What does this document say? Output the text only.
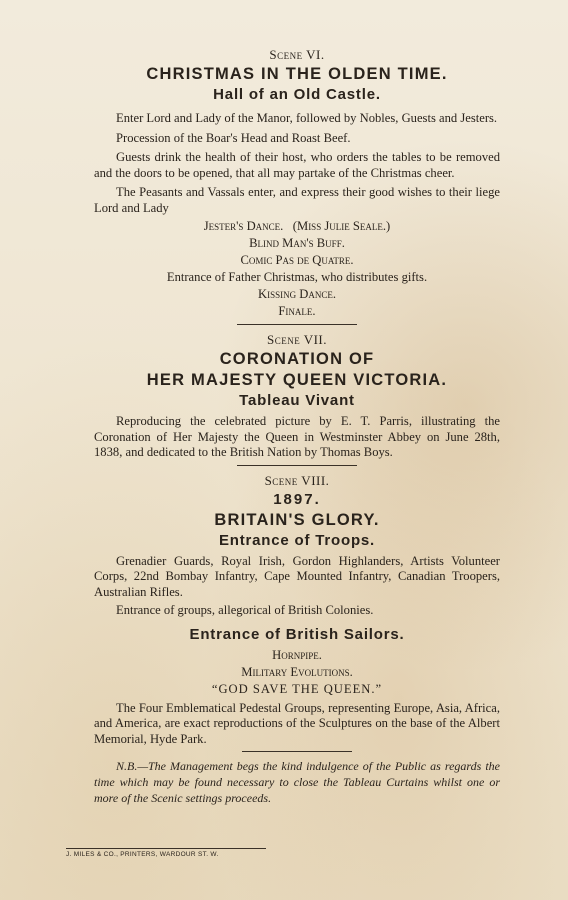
Scene VI.
CHRISTMAS IN THE OLDEN TIME.
Hall of an Old Castle.

Enter Lord and Lady of the Manor, followed by Nobles, Guests and Jesters.

Procession of the Boar's Head and Roast Beef.

Guests drink the health of their host, who orders the tables to be removed and the doors to be opened, that all may partake of the Christmas cheer.

The Peasants and Vassals enter, and express their good wishes to their liege Lord and Lady

Jester's Dance. (Miss Julie Seale.)

Blind Man's Buff.

Comic Pas de Quatre.

Entrance of Father Christmas, who distributes gifts.

Kissing Dance.

Finale.

Scene VII.
CORONATION OF
HER MAJESTY QUEEN VICTORIA.
Tableau Vivant

Reproducing the celebrated picture by E. T. Parris, illustrating the Coronation of Her Majesty the Queen in Westminster Abbey on June 28th, 1838, and dedicated to the British Nation by Thomas Boys.

Scene VIII.
1897.
BRITAIN'S GLORY.
Entrance of Troops.

Grenadier Guards, Royal Irish, Gordon Highlanders, Artists Volunteer Corps, 22nd Bombay Infantry, Cape Mounted Infantry, Canadian Troopers, Australian Rifles.

Entrance of groups, allegorical of British Colonies.

Entrance of British Sailors.

Hornpipe.

Military Evolutions.

“GOD SAVE THE QUEEN.”

The Four Emblematical Pedestal Groups, representing Europe, Asia, Africa, and America, are exact reproductions of the Sculptures on the base of the Albert Memorial, Hyde Park.

N.B.—The Management begs the kind indulgence of the Public as regards the time which may be found necessary to close the Tableau Curtains whilst one or more of the Scenic settings proceeds.

J. MILES & CO., PRINTERS, WARDOUR ST. W.
